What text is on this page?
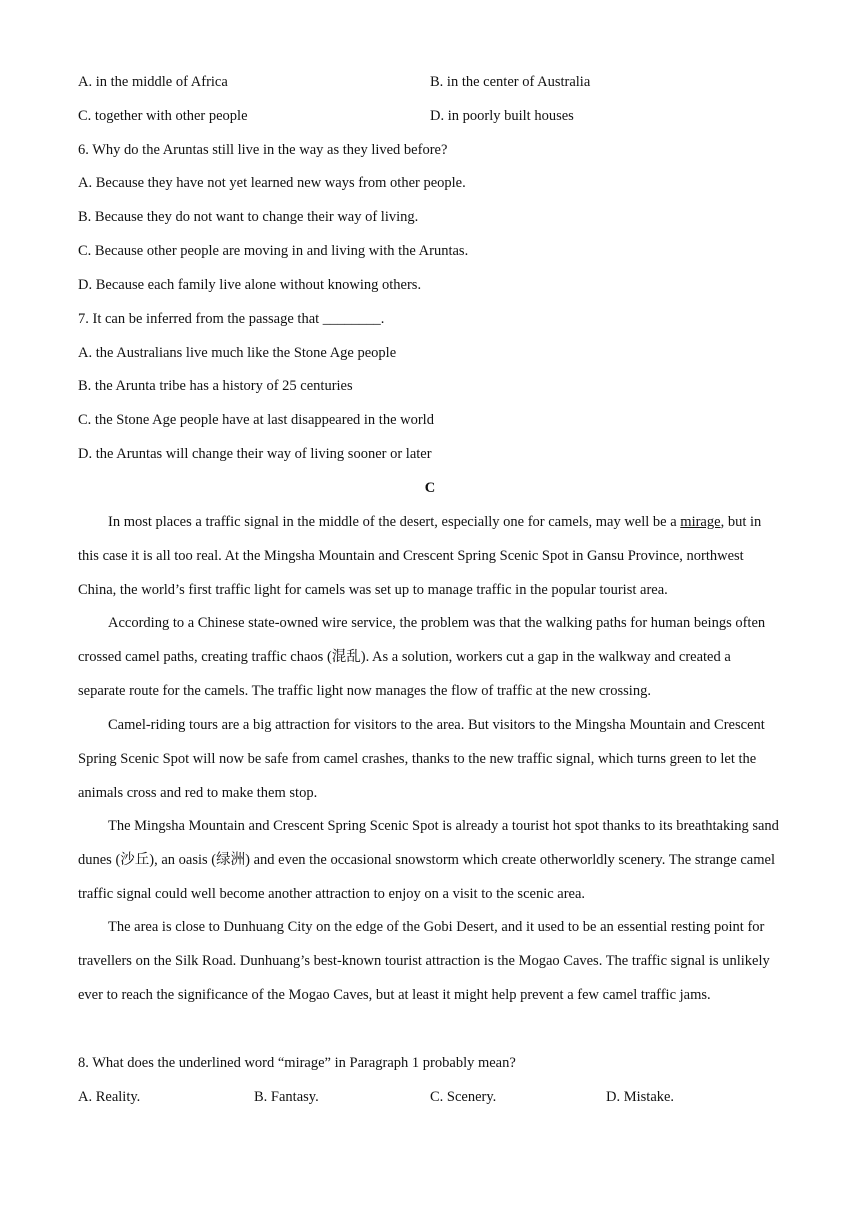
A. in the middle of Africa	B. in the center of Australia
C. together with other people	D. in poorly built houses
6. Why do the Aruntas still live in the way as they lived before?
A. Because they have not yet learned new ways from other people.
B. Because they do not want to change their way of living.
C. Because other people are moving in and living with the Aruntas.
D. Because each family live alone without knowing others.
7. It can be inferred from the passage that ________.
A. the Australians live much like the Stone Age people
B. the Arunta tribe has a history of 25 centuries
C. the Stone Age people have at last disappeared in the world
D. the Aruntas will change their way of living sooner or later
C

In most places a traffic signal in the middle of the desert, especially one for camels, may well be a mirage, but in this case it is all too real. At the Mingsha Mountain and Crescent Spring Scenic Spot in Gansu Province, northwest China, the world’s first traffic light for camels was set up to manage traffic in the popular tourist area.

According to a Chinese state-owned wire service, the problem was that the walking paths for human beings often crossed camel paths, creating traffic chaos (混乱). As a solution, workers cut a gap in the walkway and created a separate route for the camels. The traffic light now manages the flow of traffic at the new crossing.

Camel-riding tours are a big attraction for visitors to the area. But visitors to the Mingsha Mountain and Crescent Spring Scenic Spot will now be safe from camel crashes, thanks to the new traffic signal, which turns green to let the animals cross and red to make them stop.

The Mingsha Mountain and Crescent Spring Scenic Spot is already a tourist hot spot thanks to its breathtaking sand dunes (沙丘), an oasis (绿洲) and even the occasional snowstorm which create otherworldly scenery. The strange camel traffic signal could well become another attraction to enjoy on a visit to the scenic area.

The area is close to Dunhuang City on the edge of the Gobi Desert, and it used to be an essential resting point for travellers on the Silk Road. Dunhuang’s best-known tourist attraction is the Mogao Caves. The traffic signal is unlikely ever to reach the significance of the Mogao Caves, but at least it might help prevent a few camel traffic jams.

8. What does the underlined word “mirage” in Paragraph 1 probably mean?
A. Reality.	B. Fantasy.	C. Scenery.	D. Mistake.
